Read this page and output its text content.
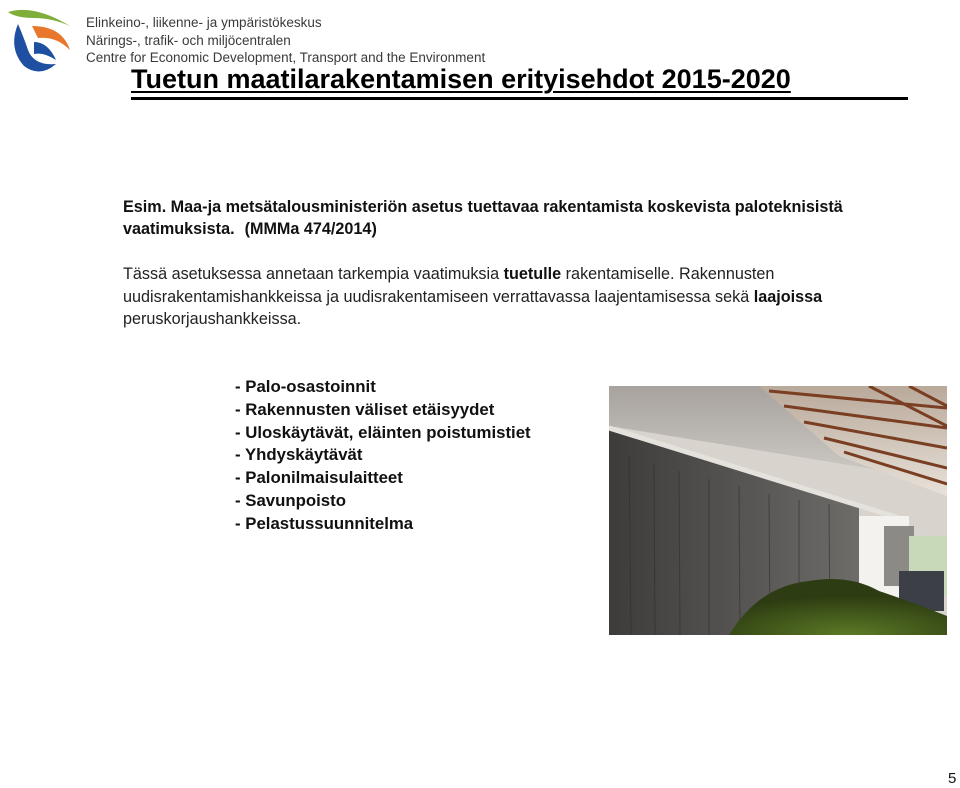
Elinkeino-, liikenne- ja ympäristökeskus
Närings-, trafik- och miljöcentralen
Centre for Economic Development, Transport and the Environment
Tuetun maatilarakentamisen erityisehdot 2015-2020
Esim. Maa-ja metsätalousministeriön asetus tuettavaa rakentamista koskevista paloteknisistä vaatimuksista. (MMMa 474/2014)
Tässä asetuksessa annetaan tarkempia vaatimuksia tuetulle rakentamiselle. Rakennusten uudisrakentamishankkeissa ja uudisrakentamiseen verrattavassa laajentamisessa sekä laajoissa peruskorjaushankkeissa.
- Palo-osastoinnit
- Rakennusten väliset etäisyydet
- Uloskäytävät, eläinten poistumistiet
- Yhdyskäytävät
- Palonilmaisulaitteet
- Savunpoisto
- Pelastussuunnitelma
5
